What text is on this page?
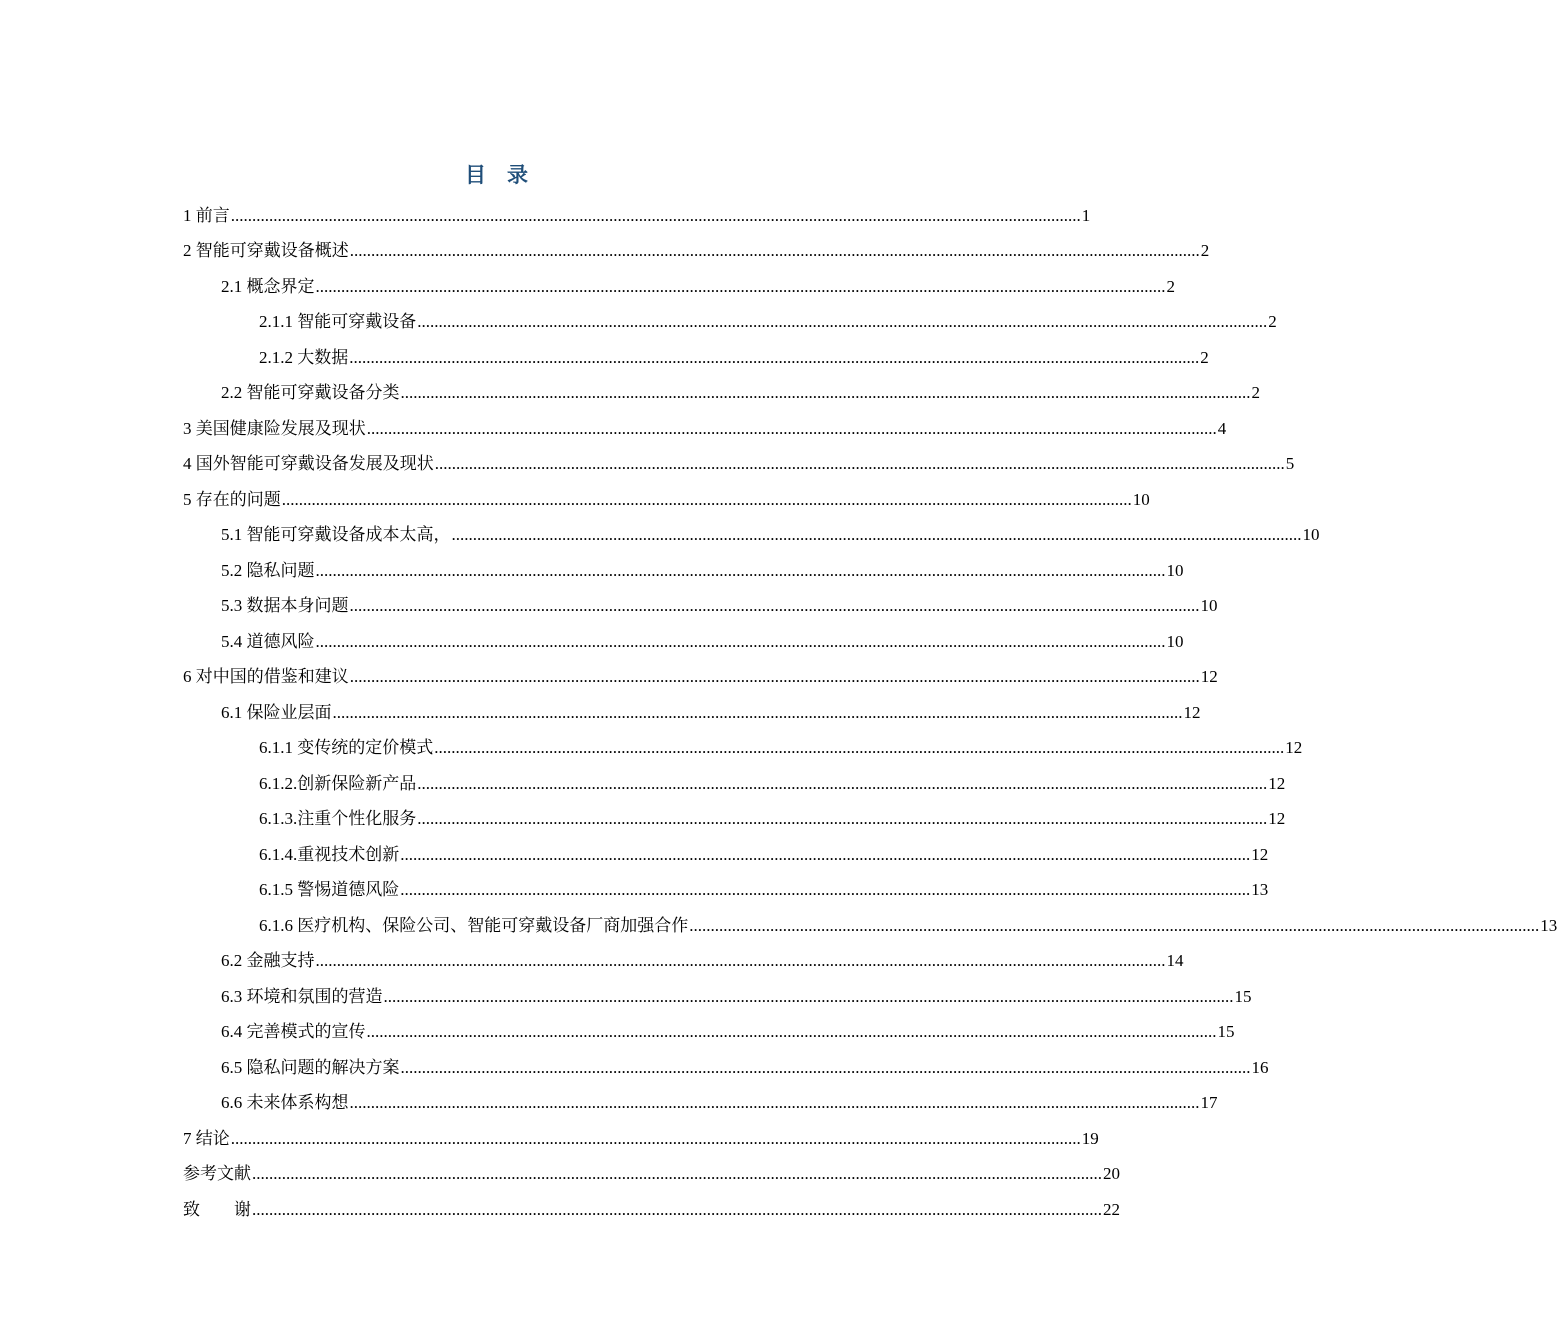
目　录
1 前言 ........................................................................................................................................................................................................ 1
2 智能可穿戴设备概述 ........................................................................................................................................................................................................ 2
2.1 概念界定 ........................................................................................................................................................................................................ 2
2.1.1 智能可穿戴设备 ........................................................................................................................................................................................................ 2
2.1.2 大数据 ........................................................................................................................................................................................................ 2
2.2 智能可穿戴设备分类 ........................................................................................................................................................................................................ 2
3 美国健康险发展及现状 ........................................................................................................................................................................................................ 4
4 国外智能可穿戴设备发展及现状 ........................................................................................................................................................................................................ 5
5 存在的问题 ........................................................................................................................................................................................................ 10
5.1 智能可穿戴设备成本太高， ........................................................................................................................................................................................................ 10
5.2 隐私问题 ........................................................................................................................................................................................................ 10
5.3 数据本身问题 ........................................................................................................................................................................................................ 10
5.4 道德风险 ........................................................................................................................................................................................................ 10
6 对中国的借鉴和建议 ........................................................................................................................................................................................................ 12
6.1 保险业层面 ........................................................................................................................................................................................................ 12
6.1.1 变传统的定价模式 ........................................................................................................................................................................................................ 12
6.1.2.创新保险新产品 ........................................................................................................................................................................................................ 12
6.1.3.注重个性化服务 ........................................................................................................................................................................................................ 12
6.1.4.重视技术创新 ........................................................................................................................................................................................................ 12
6.1.5 警惕道德风险 ........................................................................................................................................................................................................ 13
6.1.6 医疗机构、保险公司、智能可穿戴设备厂商加强合作 ........................................................................................................................................................................................................ 13
6.2 金融支持 ........................................................................................................................................................................................................ 14
6.3 环境和氛围的营造 ........................................................................................................................................................................................................ 15
6.4 完善模式的宣传 ........................................................................................................................................................................................................ 15
6.5 隐私问题的解决方案 ........................................................................................................................................................................................................ 16
6.6 未来体系构想 ........................................................................................................................................................................................................ 17
7 结论 ........................................................................................................................................................................................................ 19
参考文献 ........................................................................................................................................................................................................ 20
致　　谢 ........................................................................................................................................................................................................ 22
